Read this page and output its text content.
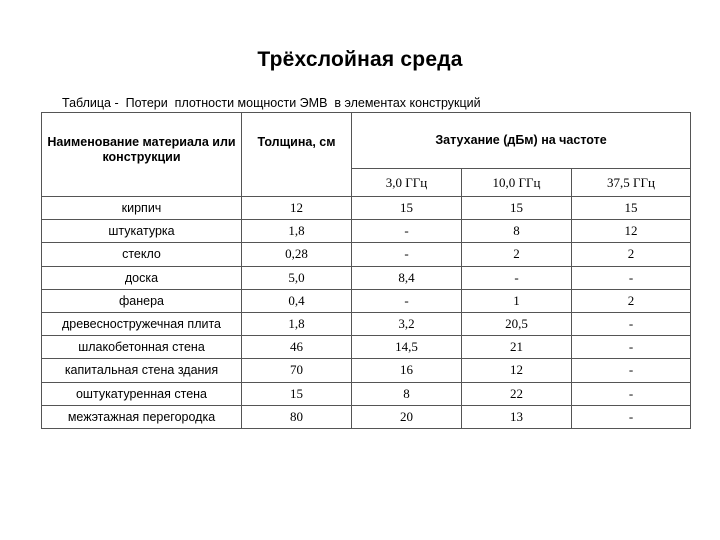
Трёхслойная среда
Таблица -  Потери  плотности мощности ЭМВ  в элементах конструкций
Наименование материала или конструкции	Толщина, см	Затухание (дБм) на частоте		
		3,0 ГГц	10,0 ГГц	37,5 ГГц
кирпич	12	15	15	15
штукатурка	1,8	-	8	12
стекло	0,28	-	2	2
доска	5,0	8,4	-	-
фанера	0,4	-	1	2
древесностружечная плита	1,8	3,2	20,5	-
шлакобетонная стена	46	14,5	21	-
капитальная стена здания	70	16	12	-
оштукатуренная стена	15	8	22	-
межэтажная перегородка	80	20	13	-
